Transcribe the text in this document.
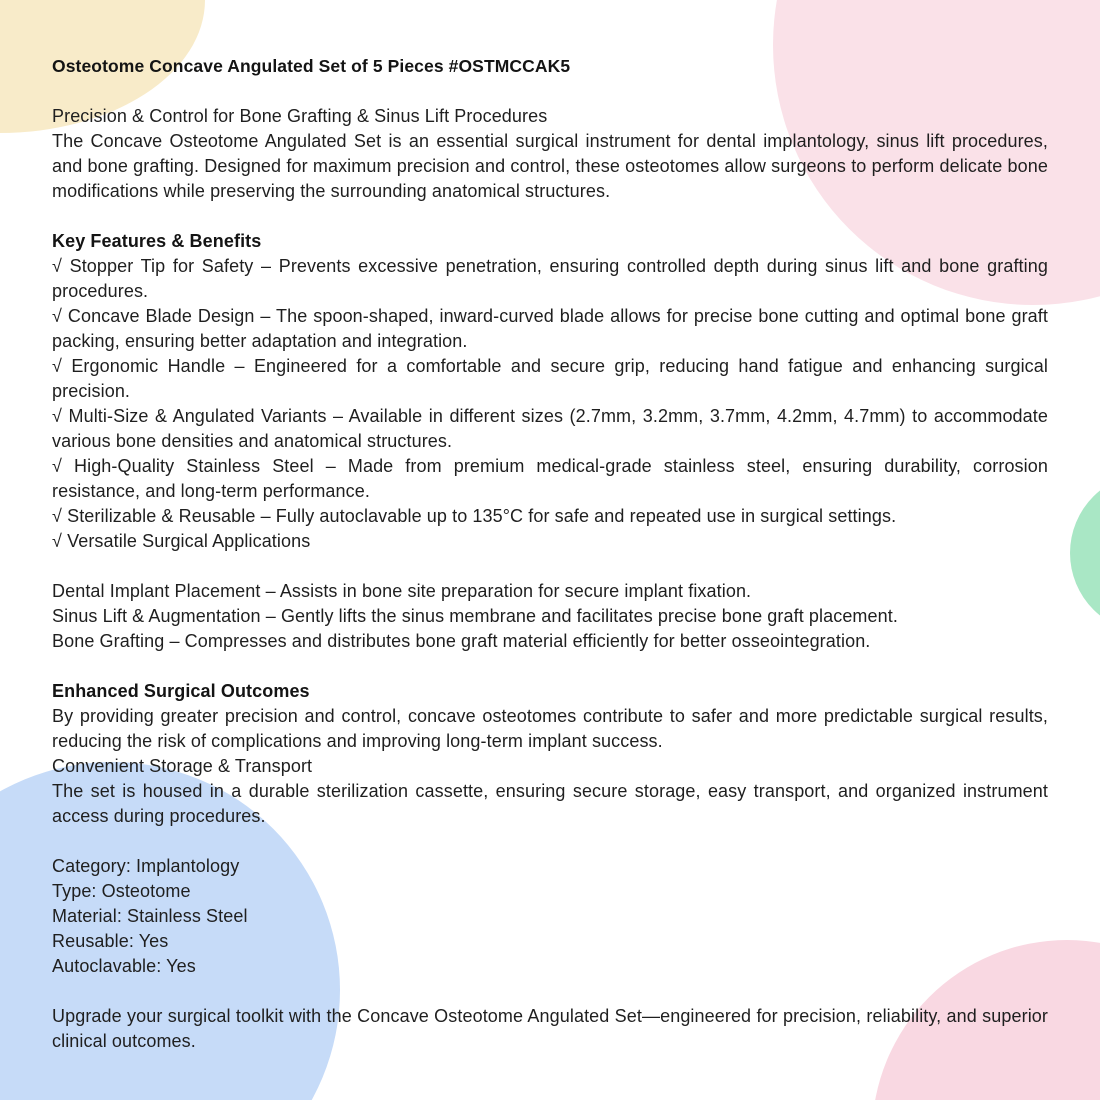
Osteotome Concave Angulated Set of 5 Pieces #OSTMCCAK5
Precision & Control for Bone Grafting & Sinus Lift Procedures

The Concave Osteotome Angulated Set is an essential surgical instrument for dental implantology, sinus lift procedures, and bone grafting. Designed for maximum precision and control, these osteotomes allow surgeons to perform delicate bone modifications while preserving the surrounding anatomical structures.

Key Features & Benefits

√ Stopper Tip for Safety – Prevents excessive penetration, ensuring controlled depth during sinus lift and bone grafting procedures.

√ Concave Blade Design – The spoon-shaped, inward-curved blade allows for precise bone cutting and optimal bone graft packing, ensuring better adaptation and integration.

√ Ergonomic Handle – Engineered for a comfortable and secure grip, reducing hand fatigue and enhancing surgical precision.

√ Multi-Size & Angulated Variants – Available in different sizes (2.7mm, 3.2mm, 3.7mm, 4.2mm, 4.7mm) to accommodate various bone densities and anatomical structures.

√ High-Quality Stainless Steel – Made from premium medical-grade stainless steel, ensuring durability, corrosion resistance, and long-term performance.

√ Sterilizable & Reusable – Fully autoclavable up to 135°C for safe and repeated use in surgical settings.

√ Versatile Surgical Applications

Dental Implant Placement – Assists in bone site preparation for secure implant fixation.
Sinus Lift & Augmentation – Gently lifts the sinus membrane and facilitates precise bone graft placement.
Bone Grafting – Compresses and distributes bone graft material efficiently for better osseointegration.
Enhanced Surgical Outcomes

By providing greater precision and control, concave osteotomes contribute to safer and more predictable surgical results, reducing the risk of complications and improving long-term implant success.

Convenient Storage & Transport

The set is housed in a durable sterilization cassette, ensuring secure storage, easy transport, and organized instrument access during procedures.

Category: Implantology
Type: Osteotome
Material: Stainless Steel
Reusable: Yes
Autoclavable: Yes

Upgrade your surgical toolkit with the Concave Osteotome Angulated Set—engineered for precision, reliability, and superior clinical outcomes.
